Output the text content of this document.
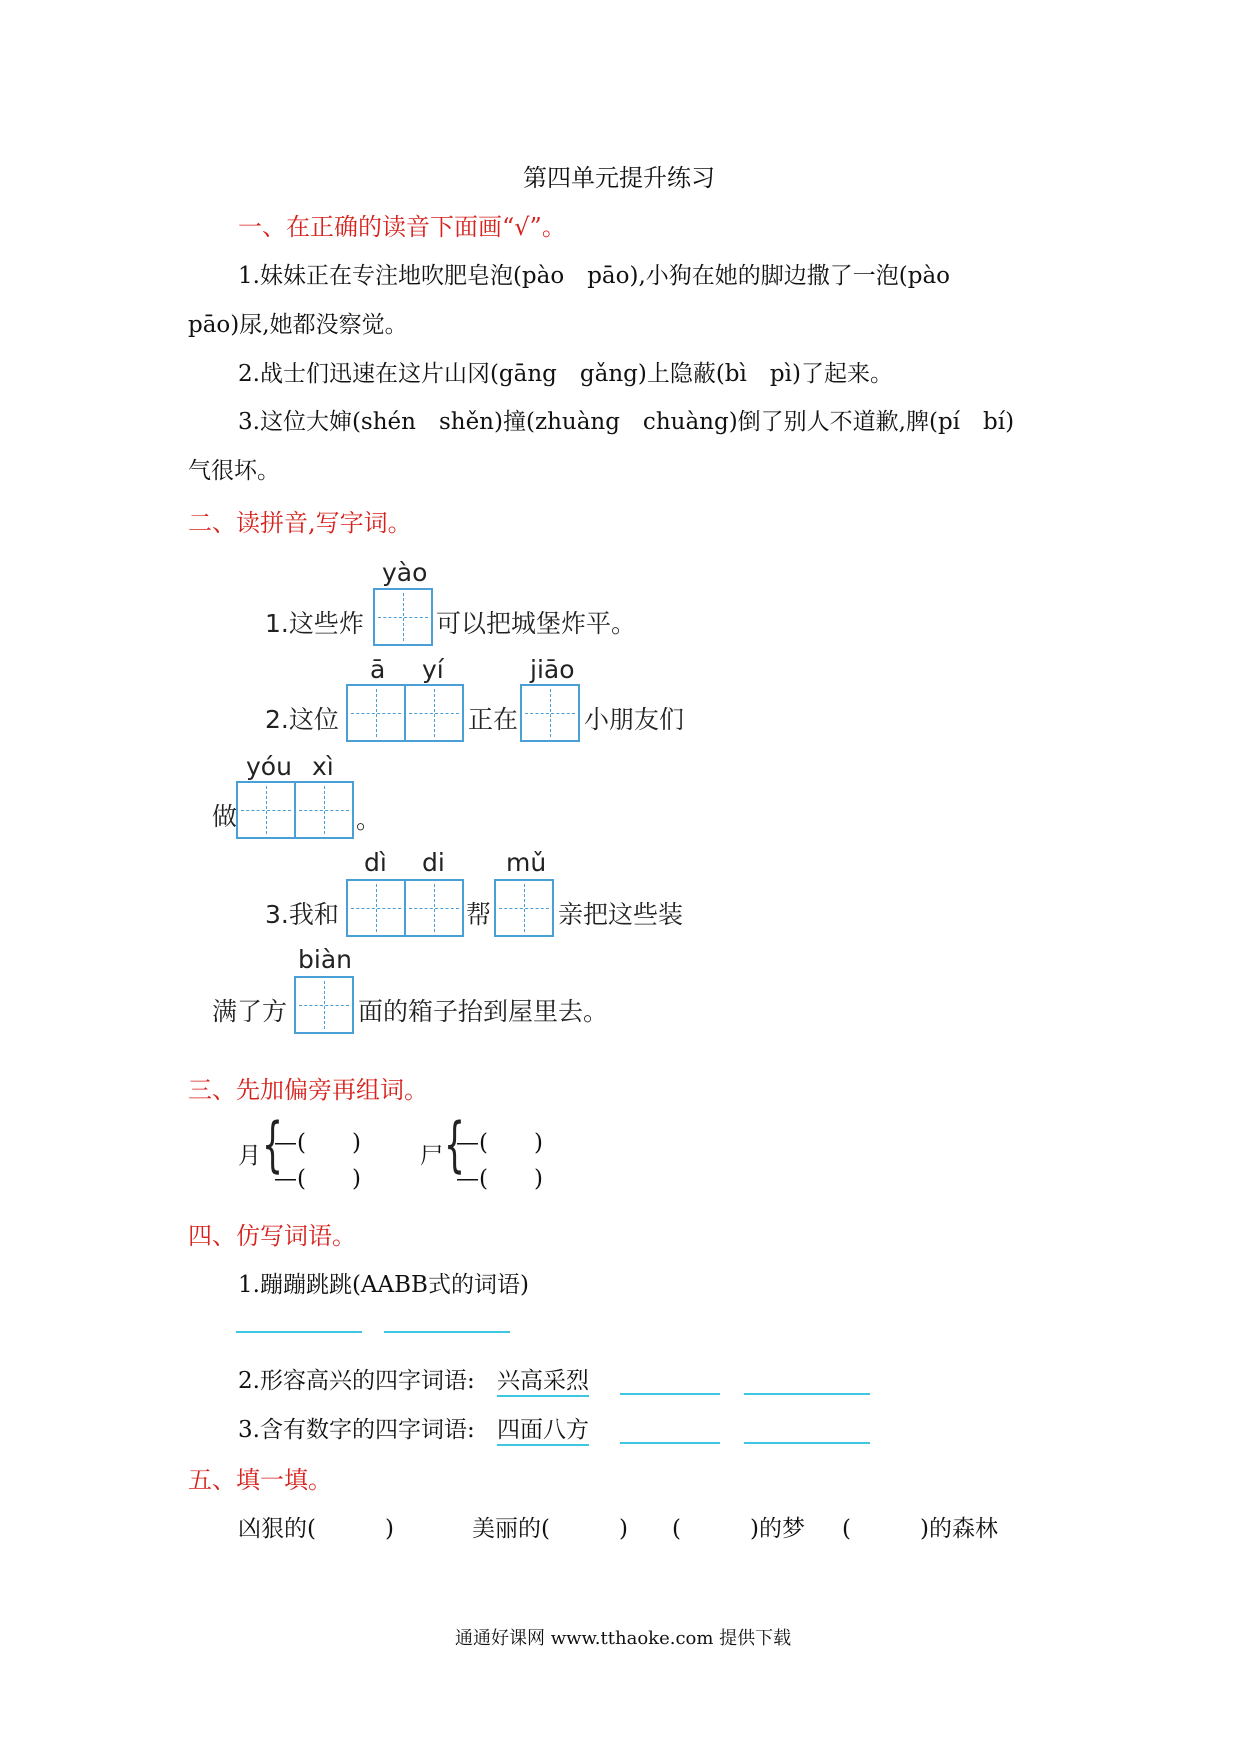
第四单元提升练习
一、在正确的读音下面画“√”。
1.妹妹正在专注地吹肥皂泡(pào　pāo),小狗在她的脚边撒了一泡(pào
pāo)尿,她都没察觉。
2.战士们迅速在这片山冈(gāng　gǎng)上隐蔽(bì　pì)了起来。
3.这位大婶(shén　shěn)撞(zhuàng　chuàng)倒了别人不道歉,脾(pí　bí)
气很坏。
二、读拼音,写字词。
yào
1.这些炸	可以把城堡炸平。
ā yí	jiāo
2.这位	正在	小朋友们
yóu xì
做	。
dì di mǔ
3.我和	帮	亲把这些装
biàn
满了方	面的箱子抬到屋里去。
三、先加偏旁再组词。
月 {
—(　　)
—(　　)
尸 {
—(　　)
—(　　)
四、仿写词语。
1.蹦蹦跳跳(AABB式的词语)
2.形容高兴的四字词语: 兴高采烈
3.含有数字的四字词语: 四面八方
五、填一填。
凶狠的(　　　)	美丽的(　　　) (　　　)的梦 (　　　)的森林
通通好课网 www.tthaoke.com 提供下载
